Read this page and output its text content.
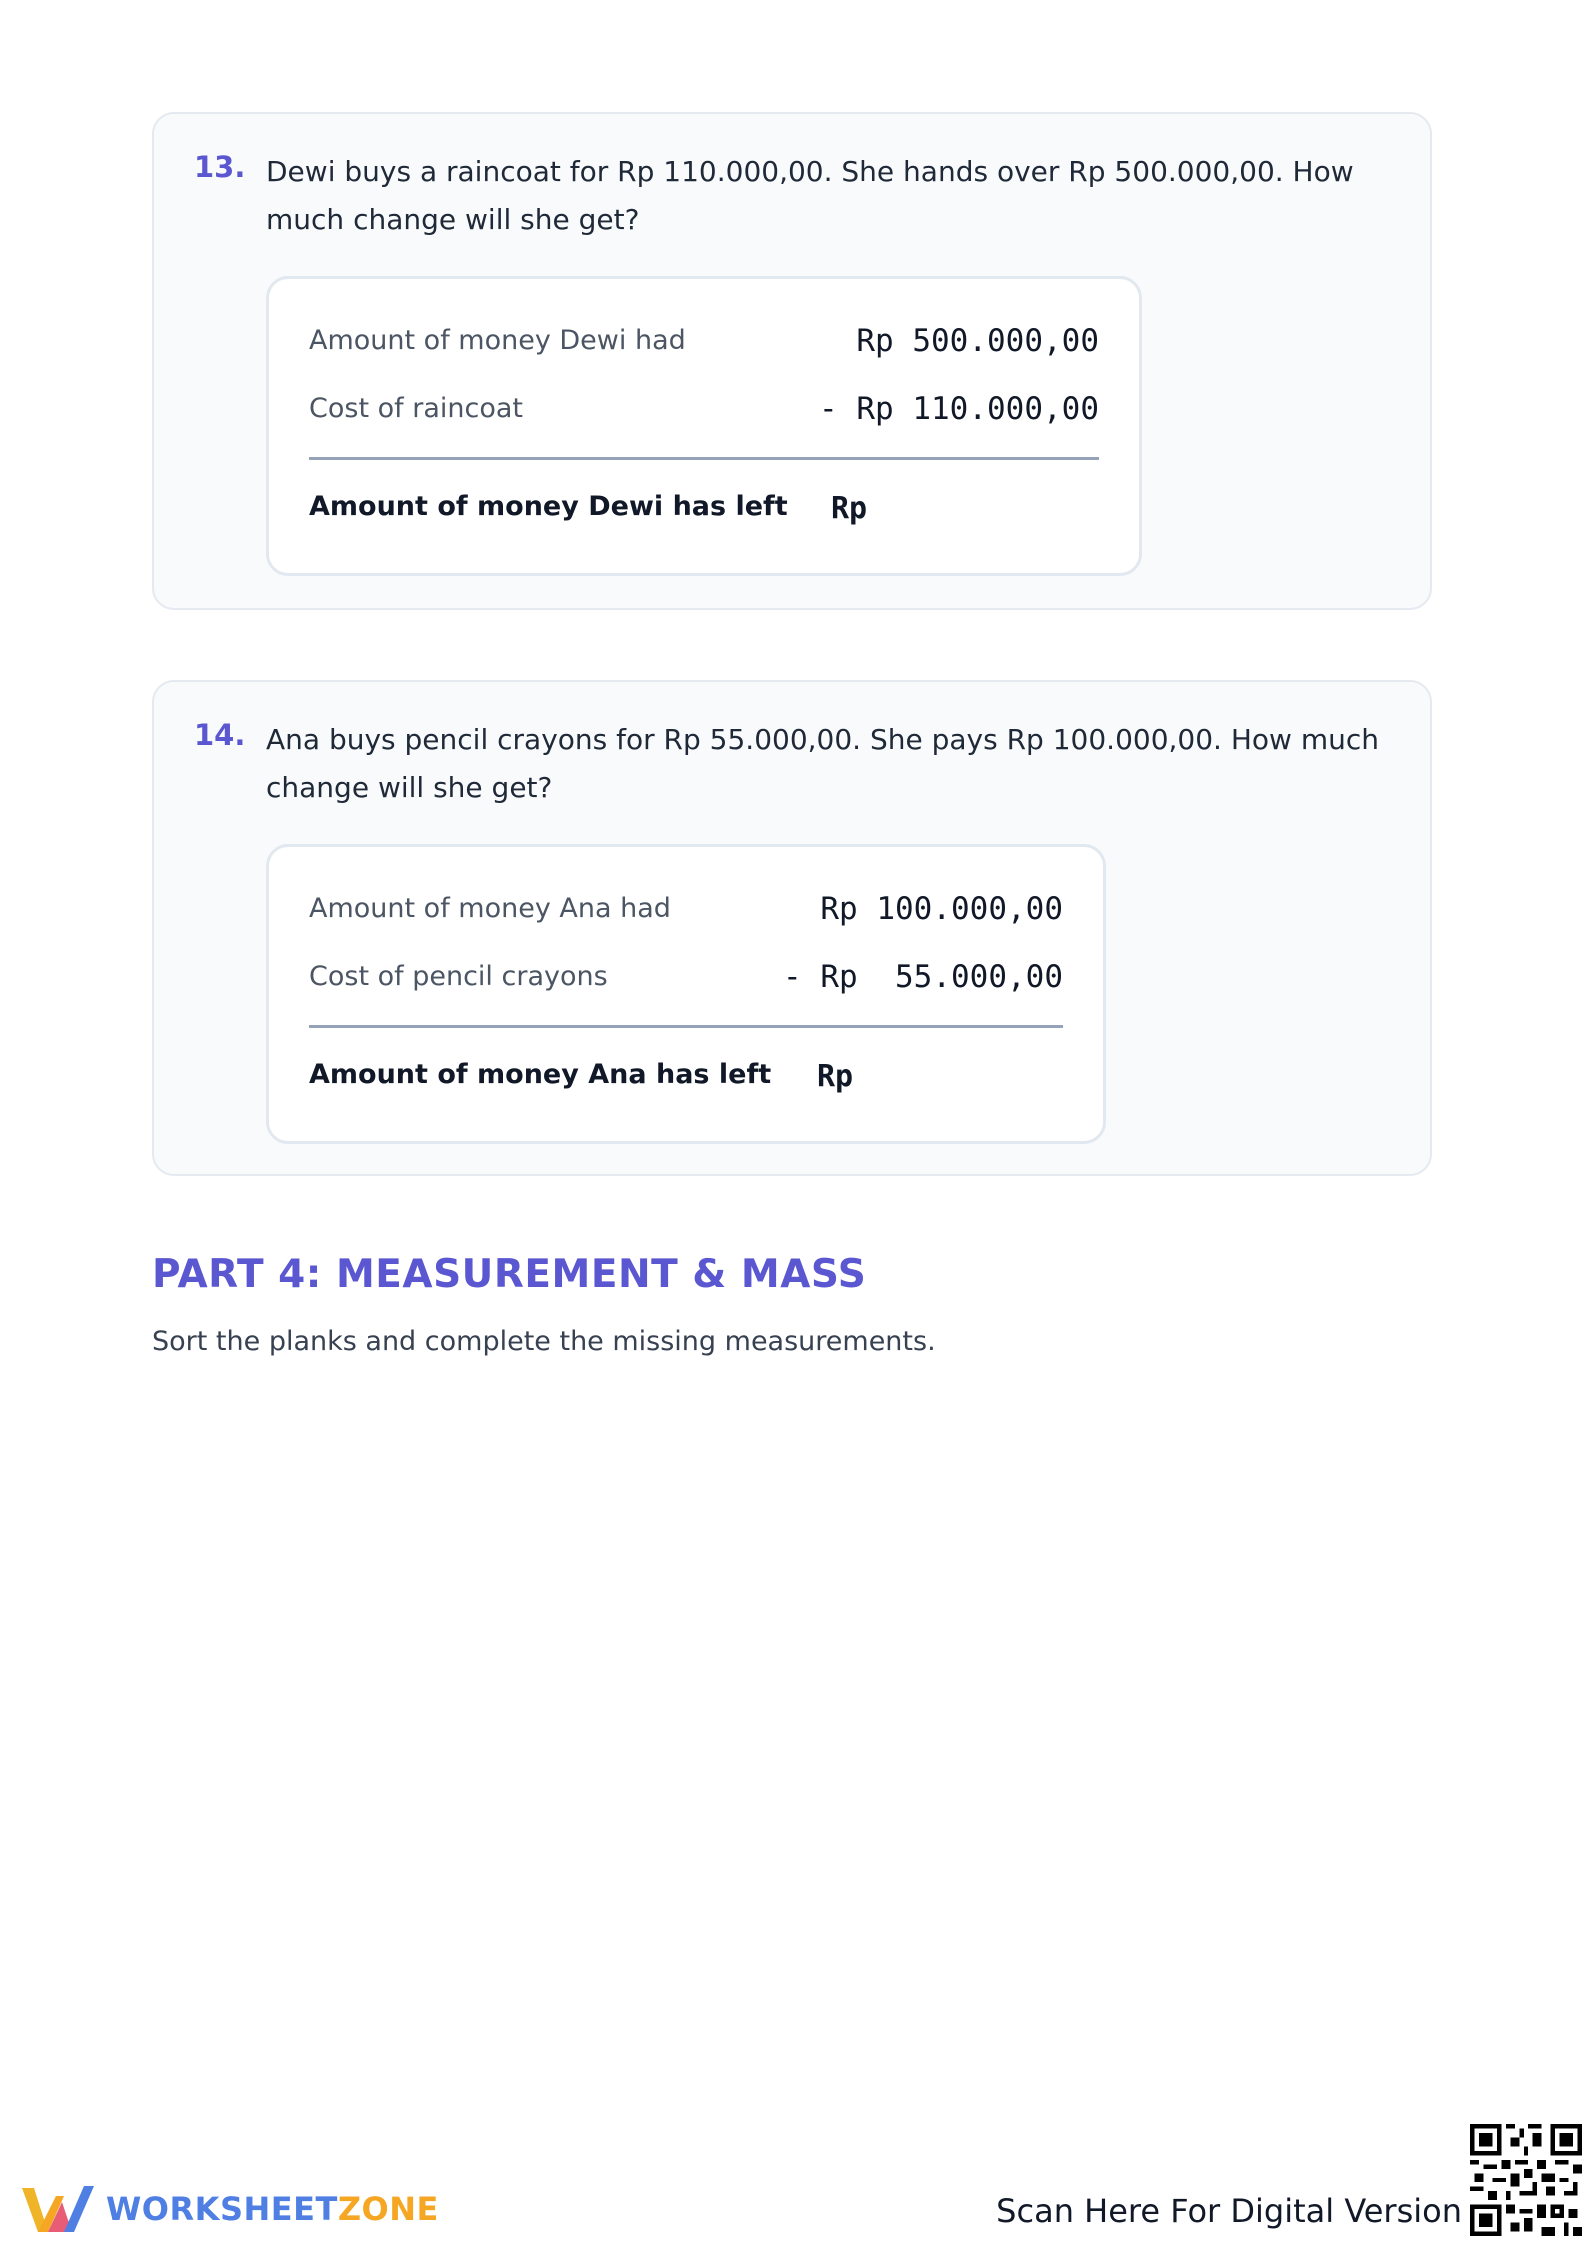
13. Dewi buys a raincoat for Rp 110.000,00. She hands over Rp 500.000,00. How much change will she get?
Amount of money Dewi had	Rp 500.000,00
Cost of raincoat	- Rp 110.000,00
Amount of money Dewi has left Rp
14. Ana buys pencil crayons for Rp 55.000,00. She pays Rp 100.000,00. How much change will she get?
Amount of money Ana had	Rp 100.000,00
Cost of pencil crayons	- Rp  55.000,00
Amount of money Ana has left Rp
PART 4: MEASUREMENT & MASS
Sort the planks and complete the missing measurements.
WORKSHEETZONE	Scan Here For Digital Version
